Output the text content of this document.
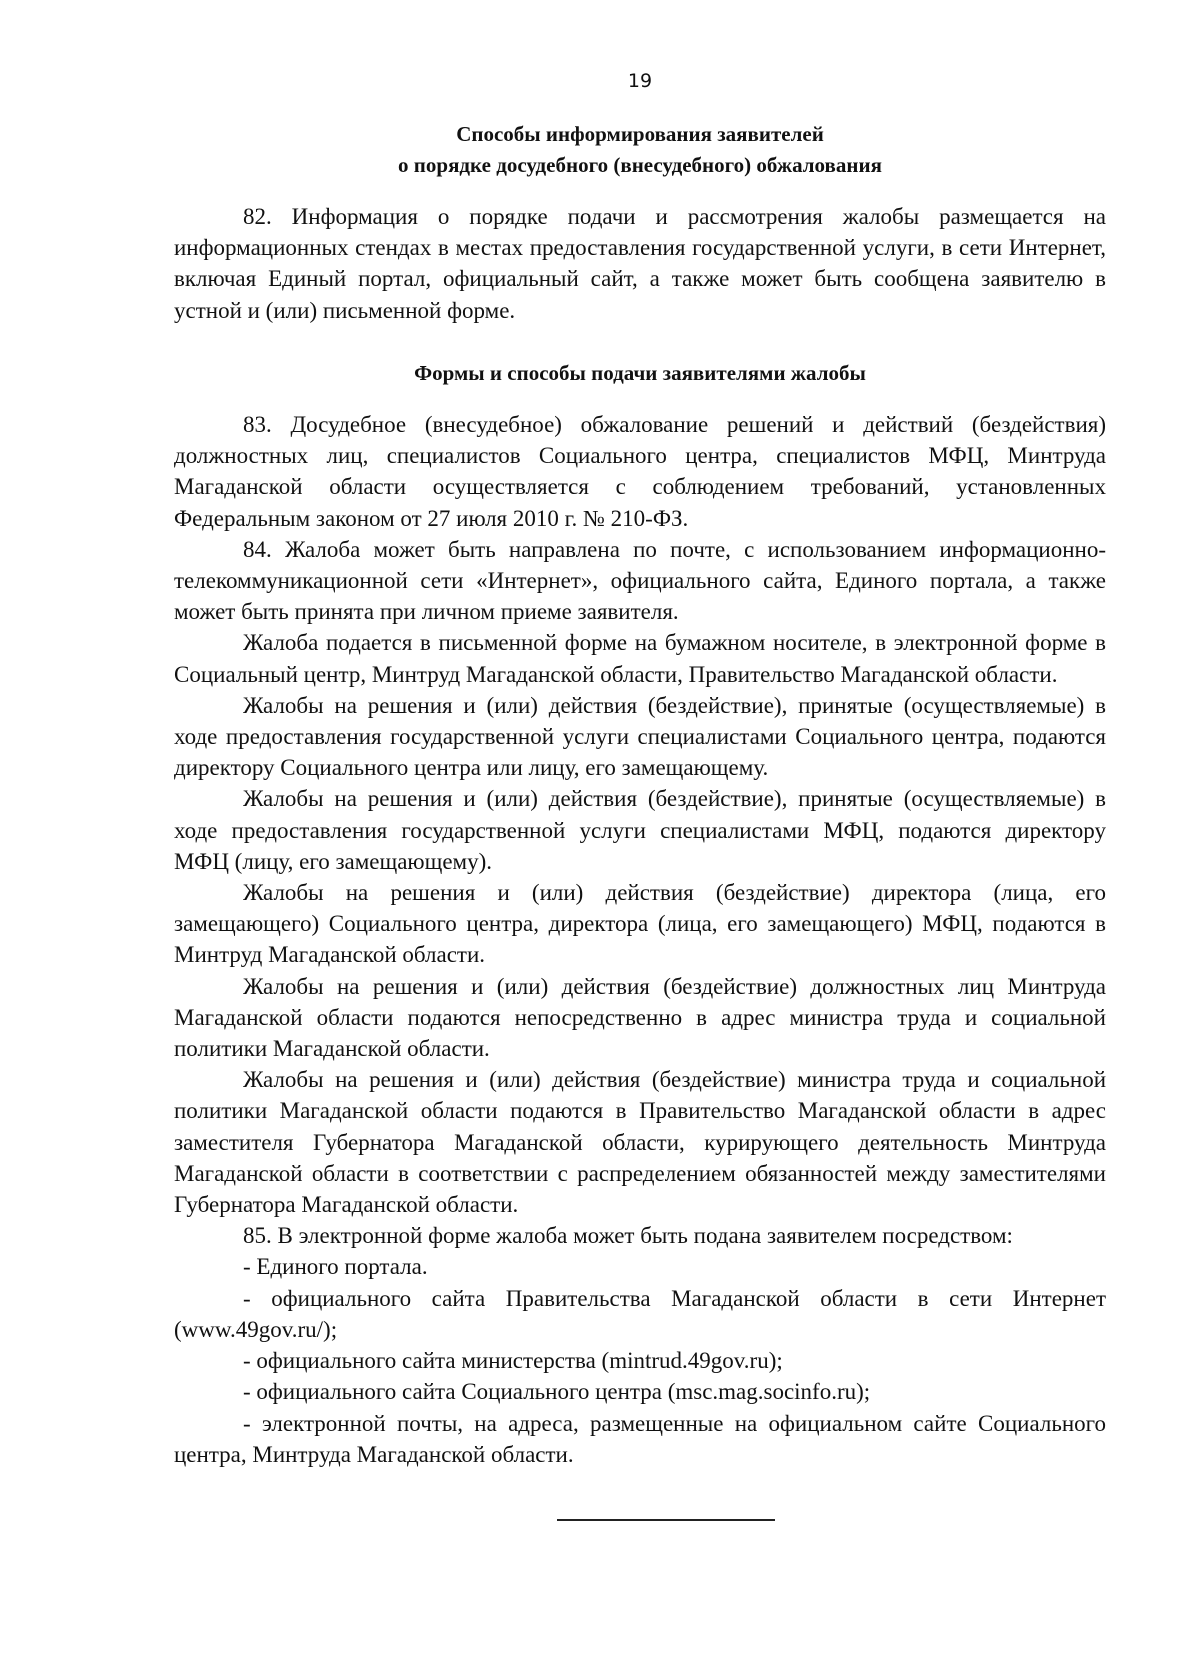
19
Способы информирования заявителей
о порядке досудебного (внесудебного) обжалования

82. Информация о порядке подачи и рассмотрения жалобы размещается на информационных стендах в местах предоставления государственной услуги, в сети Интернет, включая Единый портал, официальный сайт, а также может быть сообщена заявителю в устной и (или) письменной форме.

Формы и способы подачи заявителями жалобы

83. Досудебное (внесудебное) обжалование решений и действий (бездействия) должностных лиц, специалистов Социального центра, специалистов МФЦ, Минтруда Магаданской области осуществляется с соблюдением требований, установленных Федеральным законом от 27 июля 2010 г. № 210-ФЗ.

84. Жалоба может быть направлена по почте, с использованием информационно-телекоммуникационной сети «Интернет», официального сайта, Единого портала, а также может быть принята при личном приеме заявителя.

Жалоба подается в письменной форме на бумажном носителе, в электронной форме в Социальный центр, Минтруд Магаданской области, Правительство Магаданской области.

Жалобы на решения и (или) действия (бездействие), принятые (осуществляемые) в ходе предоставления государственной услуги специалистами Социального центра, подаются директору Социального центра или лицу, его замещающему.

Жалобы на решения и (или) действия (бездействие), принятые (осуществляемые) в ходе предоставления государственной услуги специалистами МФЦ, подаются директору МФЦ (лицу, его замещающему).

Жалобы на решения и (или) действия (бездействие) директора (лица, его замещающего) Социального центра, директора (лица, его замещающего) МФЦ, подаются в Минтруд Магаданской области.

Жалобы на решения и (или) действия (бездействие) должностных лиц Минтруда Магаданской области подаются непосредственно в адрес министра труда и социальной политики Магаданской области.

Жалобы на решения и (или) действия (бездействие) министра труда и социальной политики Магаданской области подаются в Правительство Магаданской области в адрес заместителя Губернатора Магаданской области, курирующего деятельность Минтруда Магаданской области в соответствии с распределением обязанностей между заместителями Губернатора Магаданской области.

85. В электронной форме жалоба может быть подана заявителем посредством:

- Единого портала.

- официального сайта Правительства Магаданской области в сети Интернет (www.49gov.ru/);

- официального сайта министерства (mintrud.49gov.ru);

- официального сайта Социального центра (msc.mag.socinfo.ru);

- электронной почты, на адреса, размещенные на официальном сайте Социального центра, Минтруда Магаданской области.
